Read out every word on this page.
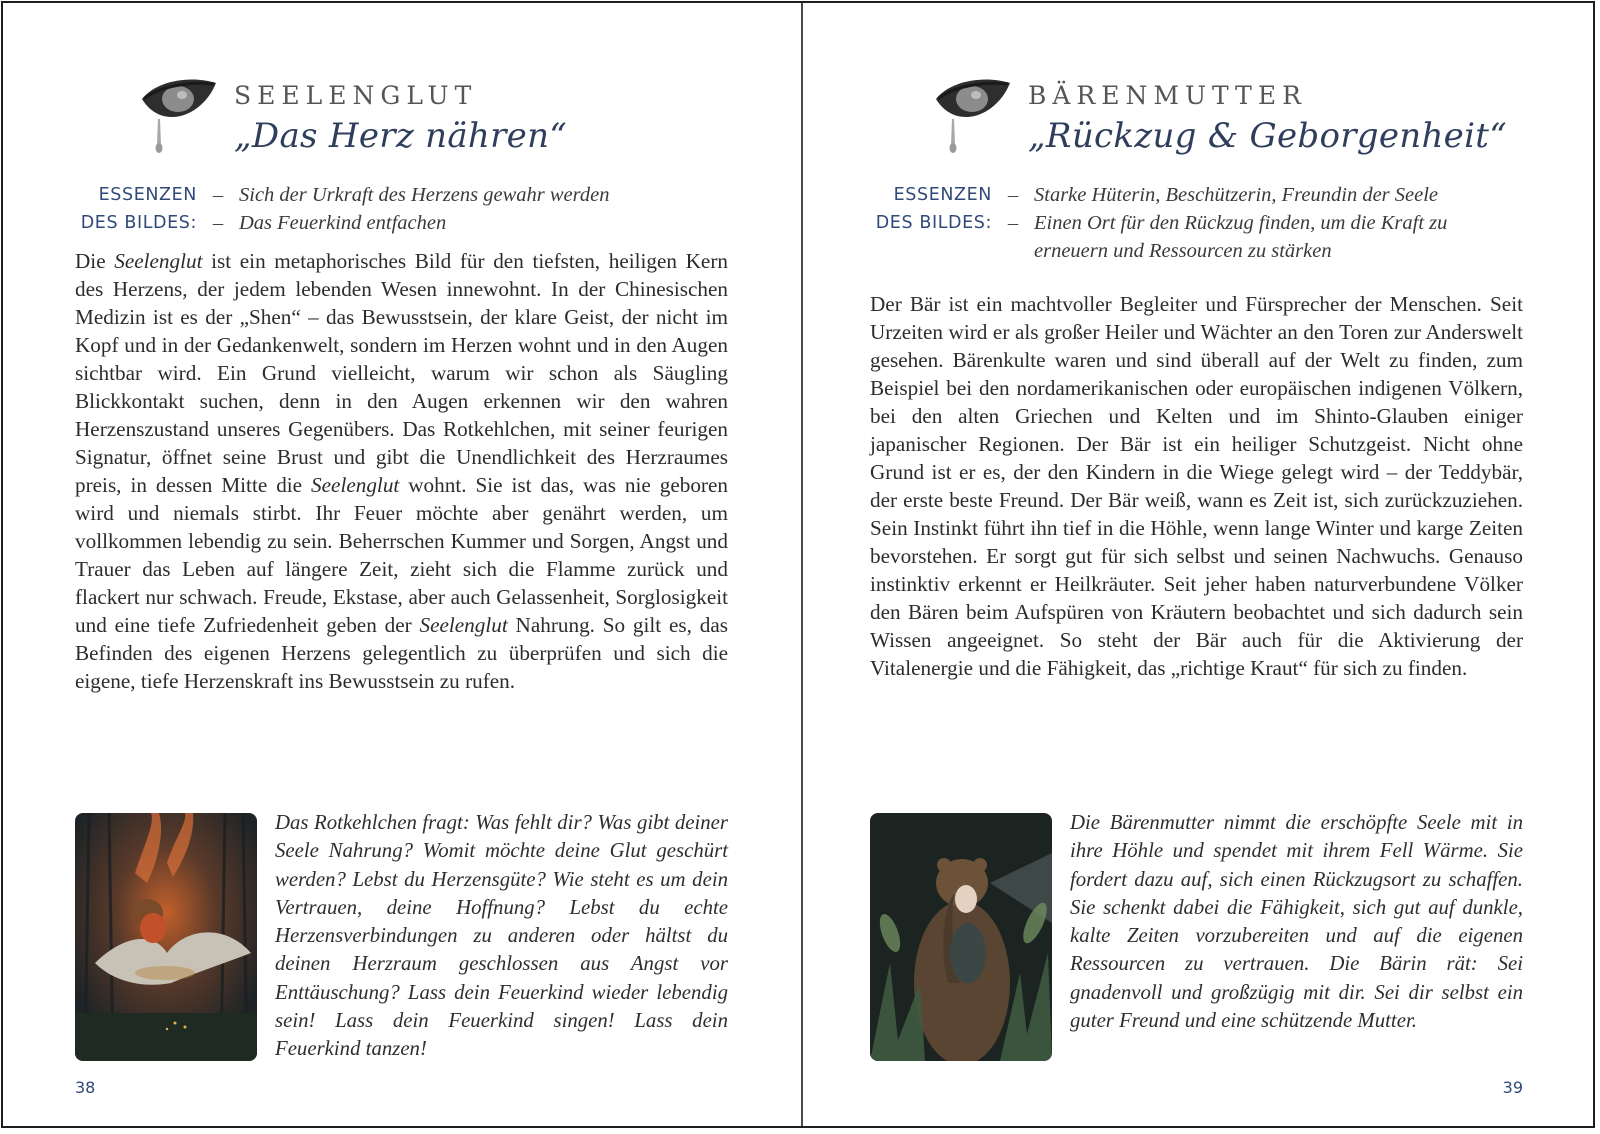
SEELENGLUT
„Das Herz nähren“
ESSENZEN – Sich der Urkraft des Herzens gewahr werden
DES BILDES: – Das Feuerkind entfachen

Die Seelenglut ist ein metaphorisches Bild für den tiefsten, heiligen Kern des Herzens, der jedem lebenden Wesen innewohnt. In der Chinesischen Medizin ist es der „Shen“ – das Bewusstsein, der klare Geist, der nicht im Kopf und in der Gedankenwelt, sondern im Herzen wohnt und in den Augen sichtbar wird. Ein Grund vielleicht, warum wir schon als Säugling Blickkontakt suchen, denn in den Augen erkennen wir den wahren Herzenszustand unseres Gegenübers. Das Rotkehlchen, mit seiner feurigen Signatur, öffnet seine Brust und gibt die Unendlichkeit des Herzraumes preis, in dessen Mitte die Seelenglut wohnt. Sie ist das, was nie geboren wird und niemals stirbt. Ihr Feuer möchte aber genährt werden, um vollkommen lebendig zu sein. Beherrschen Kummer und Sorgen, Angst und Trauer das Leben auf längere Zeit, zieht sich die Flamme zurück und flackert nur schwach. Freude, Ekstase, aber auch Gelassenheit, Sorglosigkeit und eine tiefe Zufriedenheit geben der Seelenglut Nahrung. So gilt es, das Befinden des eigenen Herzens gelegentlich zu überprüfen und sich die eigene, tiefe Herzenskraft ins Bewusstsein zu rufen.

Das Rotkehlchen fragt: Was fehlt dir? Was gibt deiner Seele Nahrung? Womit möchte deine Glut geschürt werden? Lebst du Herzensgüte? Wie steht es um dein Vertrauen, deine Hoffnung? Lebst du echte Herzensverbindungen zu anderen oder hältst du deinen Herzraum geschlossen aus Angst vor Enttäuschung? Lass dein Feuerkind wieder lebendig sein! Lass dein Feuerkind singen! Lass dein Feuerkind tanzen!

38
BÄRENMUTTER
„Rückzug & Geborgenheit“
ESSENZEN – Starke Hüterin, Beschützerin, Freundin der Seele
DES BILDES: – Einen Ort für den Rückzug finden, um die Kraft zu erneuern und Ressourcen zu stärken

Der Bär ist ein machtvoller Begleiter und Fürsprecher der Menschen. Seit Urzeiten wird er als großer Heiler und Wächter an den Toren zur Anderswelt gesehen. Bärenkulte waren und sind überall auf der Welt zu finden, zum Beispiel bei den nordamerikanischen oder europäischen indigenen Völkern, bei den alten Griechen und Kelten und im Shinto-Glauben einiger japanischer Regionen. Der Bär ist ein heiliger Schutzgeist. Nicht ohne Grund ist er es, der den Kindern in die Wiege gelegt wird – der Teddybär, der erste beste Freund. Der Bär weiß, wann es Zeit ist, sich zurückzuziehen. Sein Instinkt führt ihn tief in die Höhle, wenn lange Winter und karge Zeiten bevorstehen. Er sorgt gut für sich selbst und seinen Nachwuchs. Genauso instinktiv erkennt er Heilkräuter. Seit jeher haben naturverbundene Völker den Bären beim Aufspüren von Kräutern beobachtet und sich dadurch sein Wissen angeeignet. So steht der Bär auch für die Aktivierung der Vitalenergie und die Fähigkeit, das „richtige Kraut“ für sich zu finden.

Die Bärenmutter nimmt die erschöpfte Seele mit in ihre Höhle und spendet mit ihrem Fell Wärme. Sie fordert dazu auf, sich einen Rückzugsort zu schaffen. Sie schenkt dabei die Fähigkeit, sich gut auf dunkle, kalte Zeiten vorzubereiten und auf die eigenen Ressourcen zu vertrauen. Die Bärin rät: Sei gnadenvoll und großzügig mit dir. Sei dir selbst ein guter Freund und eine schützende Mutter.

39
